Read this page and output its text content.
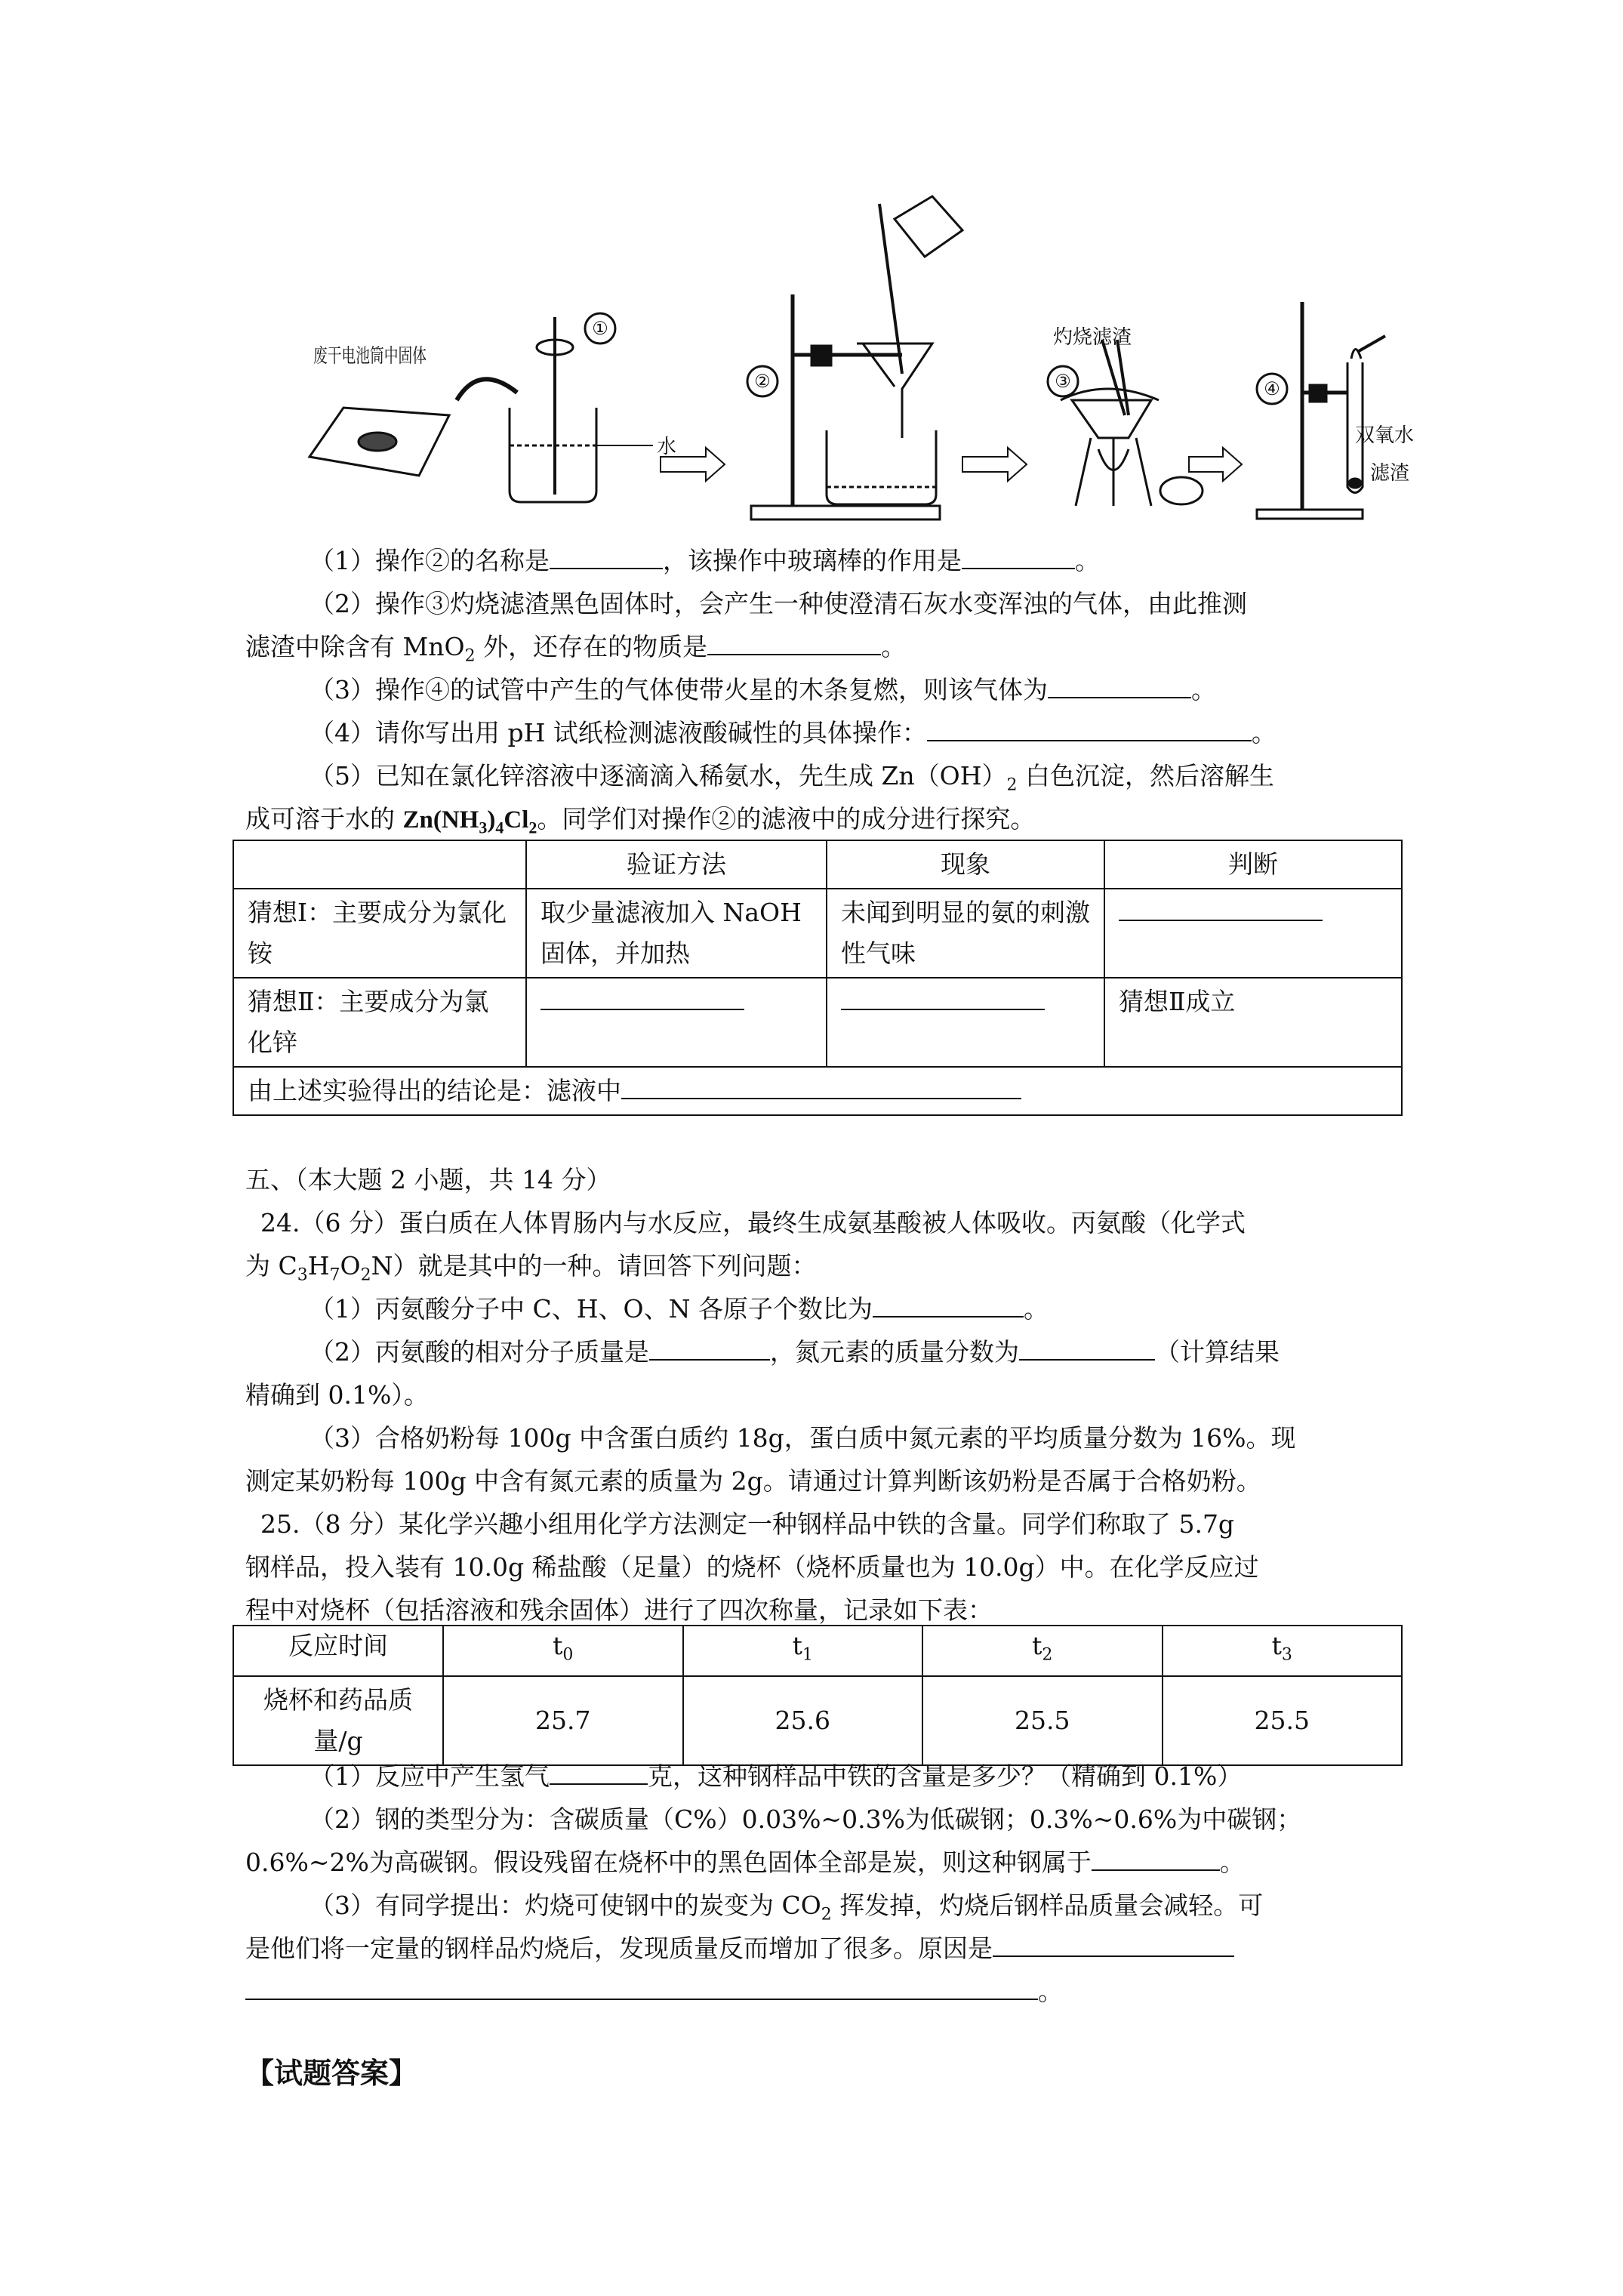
①
②	③	④
废干电池筒中固体
水
灼烧滤渣
双氧水
滤渣
（1）操作②的名称是	，该操作中玻璃棒的作用是	。
（2）操作③灼烧滤渣黑色固体时，会产生一种使澄清石灰水变浑浊的气体，由此推测
滤渣中除含有 MnO$_2$ 外，还存在的物质是	。
（3）操作④的试管中产生的气体使带火星的木条复燃，则该气体为	。
（4）请你写出用 pH 试纸检测滤液酸碱性的具体操作：	。
（5）已知在氯化锌溶液中逐滴滴入稀氨水，先生成 $Zn(OH)_2$ 白色沉淀，然后溶解生
成可溶于水的 $Zn(NH_3)_4Cl_2$。同学们对操作②的滤液中的成分进行探究。
	验证方法	现象	判断
猜想Ⅰ：主要成分为氯化铵	取少量滤液加入 NaOH 固体，并加热	未闻到明显的氨的刺激性气味	
猜想Ⅱ：主要成分为氯化锌			猜想Ⅱ成立
由上述实验得出的结论是：滤液中			
五、（本大题 2 小题，共 14 分）
24.（6 分）蛋白质在人体胃肠内与水反应，最终生成氨基酸被人体吸收。丙氨酸（化学式
为 $C_3H_7O_2N$）就是其中的一种。请回答下列问题：
（1）丙氨酸分子中 C、H、O、N 各原子个数比为	。
（2）丙氨酸的相对分子质量是	，氮元素的质量分数为	（计算结果
精确到 0.1%）。
（3）合格奶粉每 100g 中含蛋白质约 18g，蛋白质中氮元素的平均质量分数为 16%。现
测定某奶粉每 100g 中含有氮元素的质量为 2g。请通过计算判断该奶粉是否属于合格奶粉。
25.（8 分）某化学兴趣小组用化学方法测定一种钢样品中铁的含量。同学们称取了 5.7g
钢样品，投入装有 10.0g 稀盐酸（足量）的烧杯（烧杯质量也为 10.0g）中。在化学反应过
程中对烧杯（包括溶液和残余固体）进行了四次称量，记录如下表：
反应时间	$t_0$	$t_1$	$t_2$	$t_3$
烧杯和药品质量/g	25.7	25.6	25.5	25.5
（1）反应中产生氢气	克，这种钢样品中铁的含量是多少？（精确到 0.1%）
（2）钢的类型分为：含碳质量（C%）0.03%~0.3%为低碳钢；0.3%~0.6%为中碳钢；
0.6%~2%为高碳钢。假设残留在烧杯中的黑色固体全部是炭，则这种钢属于	。
（3）有同学提出：灼烧可使钢中的炭变为 $CO_2$ 挥发掉，灼烧后钢样品质量会减轻。可
是他们将一定量的钢样品灼烧后，发现质量反而增加了很多。原因是
。
【试题答案】
